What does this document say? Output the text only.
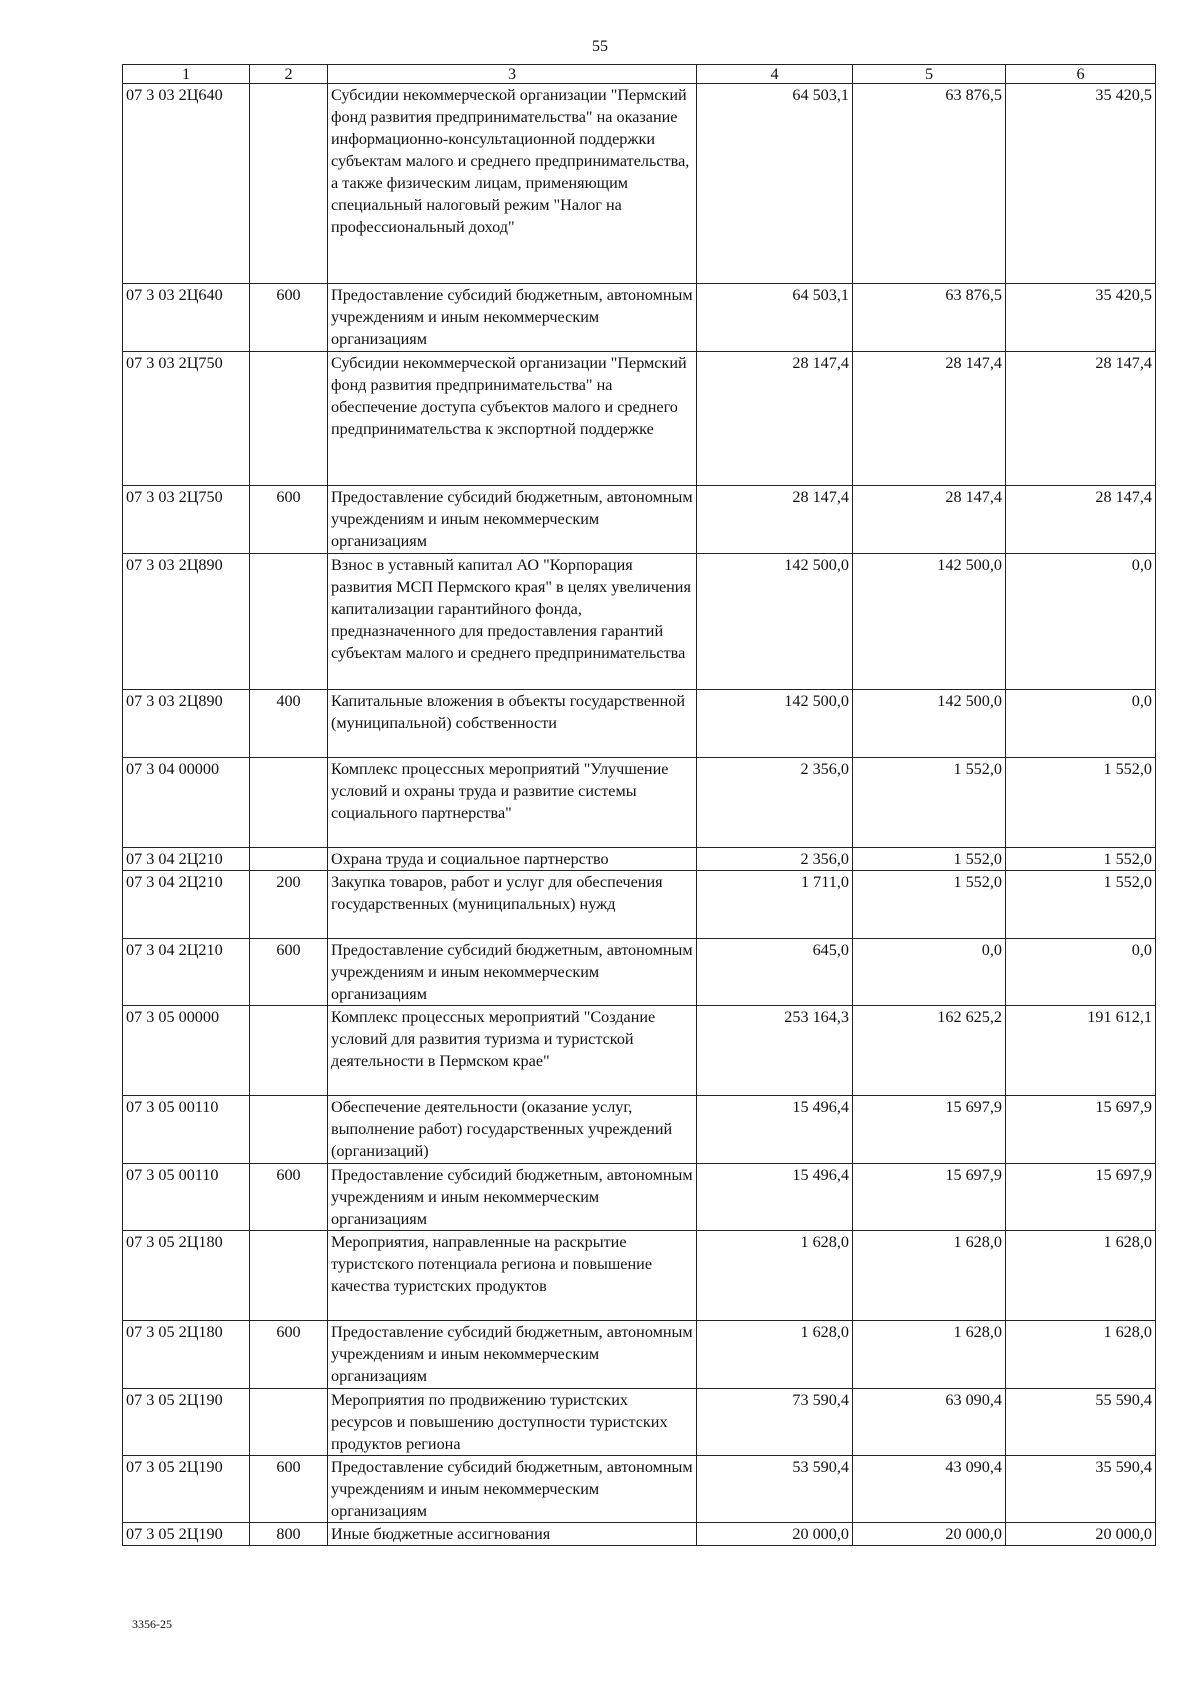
55
1	2	3	4	5	6
07 3 03 2Ц640		Субсидии некоммерческой организации "Пермский фонд развития предпринимательства" на оказание информационно-консультационной поддержки субъектам малого и среднего предпринимательства, а также физическим лицам, применяющим специальный налоговый режим "Налог на профессиональный доход"	64 503,1	63 876,5	35 420,5
07 3 03 2Ц640	600	Предоставление субсидий бюджетным, автономным учреждениям и иным некоммерческим организациям	64 503,1	63 876,5	35 420,5
07 3 03 2Ц750		Субсидии некоммерческой организации "Пермский фонд развития предпринимательства" на обеспечение доступа субъектов малого и среднего предпринимательства к экспортной поддержке	28 147,4	28 147,4	28 147,4
07 3 03 2Ц750	600	Предоставление субсидий бюджетным, автономным учреждениям и иным некоммерческим организациям	28 147,4	28 147,4	28 147,4
07 3 03 2Ц890		Взнос в уставный капитал АО "Корпорация развития МСП Пермского края" в целях увеличения капитализации гарантийного фонда, предназначенного для предоставления гарантий субъектам малого и среднего предпринимательства	142 500,0	142 500,0	0,0
07 3 03 2Ц890	400	Капитальные вложения в объекты государственной (муниципальной) собственности	142 500,0	142 500,0	0,0
07 3 04 00000		Комплекс процессных мероприятий "Улучшение условий и охраны труда и развитие системы социального партнерства"	2 356,0	1 552,0	1 552,0
07 3 04 2Ц210		Охрана труда и социальное партнерство	2 356,0	1 552,0	1 552,0
07 3 04 2Ц210	200	Закупка товаров, работ и услуг для обеспечения государственных (муниципальных) нужд	1 711,0	1 552,0	1 552,0
07 3 04 2Ц210	600	Предоставление субсидий бюджетным, автономным учреждениям и иным некоммерческим организациям	645,0	0,0	0,0
07 3 05 00000		Комплекс процессных мероприятий "Создание условий для развития туризма и туристской деятельности в Пермском крае"	253 164,3	162 625,2	191 612,1
07 3 05 00110		Обеспечение деятельности (оказание услуг, выполнение работ) государственных учреждений (организаций)	15 496,4	15 697,9	15 697,9
07 3 05 00110	600	Предоставление субсидий бюджетным, автономным учреждениям и иным некоммерческим организациям	15 496,4	15 697,9	15 697,9
07 3 05 2Ц180		Мероприятия, направленные на раскрытие туристского потенциала региона и повышение качества туристских продуктов	1 628,0	1 628,0	1 628,0
07 3 05 2Ц180	600	Предоставление субсидий бюджетным, автономным учреждениям и иным некоммерческим организациям	1 628,0	1 628,0	1 628,0
07 3 05 2Ц190		Мероприятия по продвижению туристских ресурсов и повышению доступности туристских продуктов региона	73 590,4	63 090,4	55 590,4
07 3 05 2Ц190	600	Предоставление субсидий бюджетным, автономным учреждениям и иным некоммерческим организациям	53 590,4	43 090,4	35 590,4
07 3 05 2Ц190	800	Иные бюджетные ассигнования	20 000,0	20 000,0	20 000,0
3356-25
